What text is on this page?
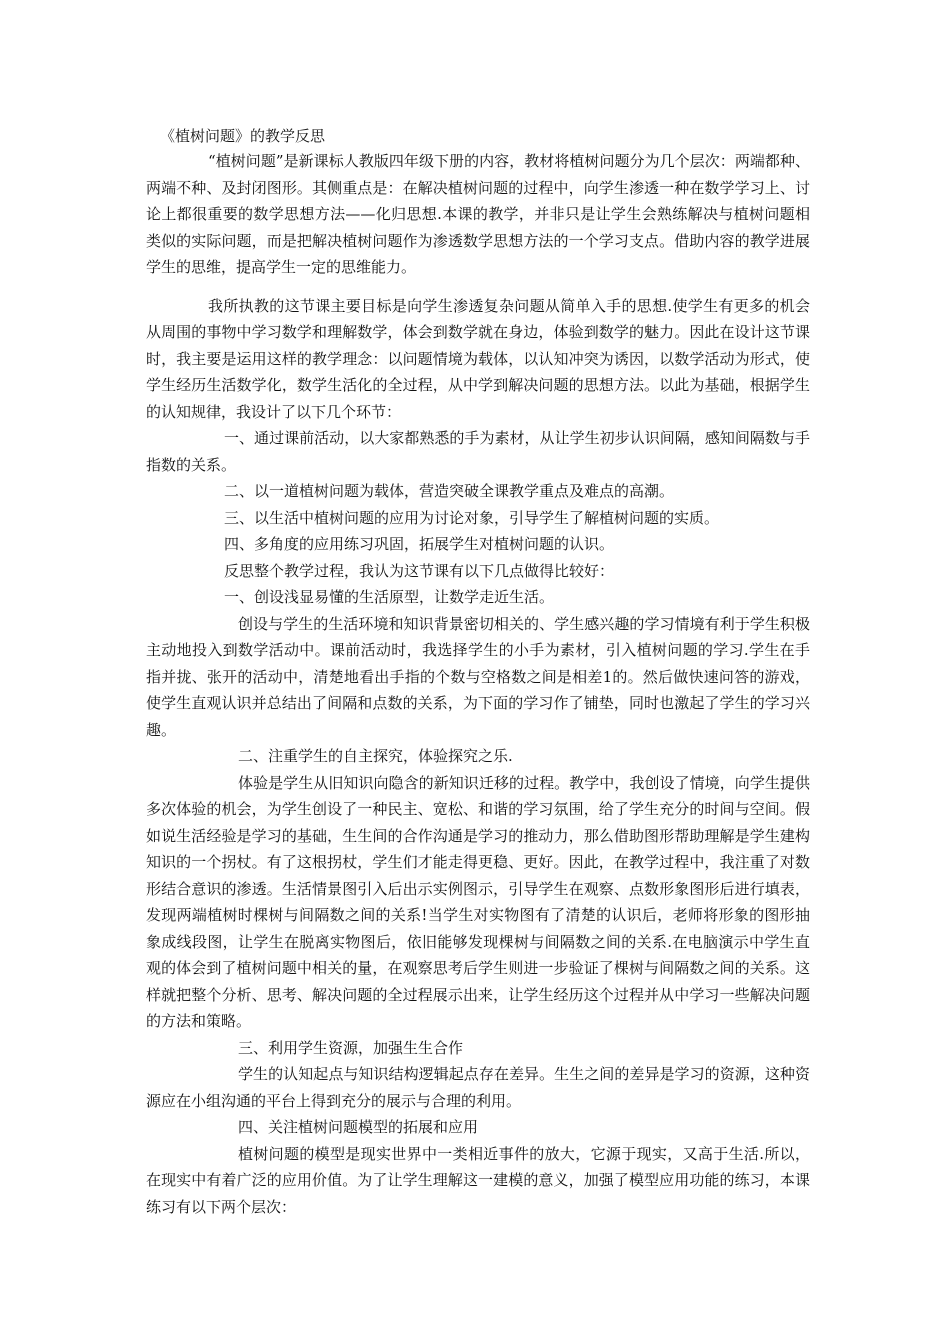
《植树问题》的教学反思

“植树问题”是新课标人教版四年级下册的内容，教材将植树问题分为几个层次：两端都种、两端不种、及封闭图形。其侧重点是：在解决植树问题的过程中，向学生渗透一种在数学学习上、讨论上都很重要的数学思想方法——化归思想.本课的教学，并非只是让学生会熟练解决与植树问题相类似的实际问题，而是把解决植树问题作为渗透数学思想方法的一个学习支点。借助内容的教学进展学生的思维，提高学生一定的思维能力。

我所执教的这节课主要目标是向学生渗透复杂问题从简单入手的思想.使学生有更多的机会从周围的事物中学习数学和理解数学，体会到数学就在身边，体验到数学的魅力。因此在设计这节课时，我主要是运用这样的教学理念：以问题情境为载体，以认知冲突为诱因，以数学活动为形式，使学生经历生活数学化，数学生活化的全过程，从中学到解决问题的思想方法。以此为基础，根据学生的认知规律，我设计了以下几个环节：

一、通过课前活动，以大家都熟悉的手为素材，从让学生初步认识间隔，感知间隔数与手指数的关系。

二、以一道植树问题为载体，营造突破全课教学重点及难点的高潮。

三、以生活中植树问题的应用为讨论对象，引导学生了解植树问题的实质。

四、多角度的应用练习巩固，拓展学生对植树问题的认识。

反思整个教学过程，我认为这节课有以下几点做得比较好：

一、创设浅显易懂的生活原型，让数学走近生活。

创设与学生的生活环境和知识背景密切相关的、学生感兴趣的学习情境有利于学生积极主动地投入到数学活动中。课前活动时，我选择学生的小手为素材，引入植树问题的学习.学生在手指并拢、张开的活动中，清楚地看出手指的个数与空格数之间是相差1的。然后做快速问答的游戏，使学生直观认识并总结出了间隔和点数的关系，为下面的学习作了铺垫，同时也激起了学生的学习兴趣。

二、注重学生的自主探究，体验探究之乐.

体验是学生从旧知识向隐含的新知识迁移的过程。教学中，我创设了情境，向学生提供多次体验的机会，为学生创设了一种民主、宽松、和谐的学习氛围，给了学生充分的时间与空间。假如说生活经验是学习的基础，生生间的合作沟通是学习的推动力，那么借助图形帮助理解是学生建构知识的一个拐杖。有了这根拐杖，学生们才能走得更稳、更好。因此，在教学过程中，我注重了对数形结合意识的渗透。生活情景图引入后出示实例图示，引导学生在观察、点数形象图形后进行填表，发现两端植树时棵树与间隔数之间的关系!当学生对实物图有了清楚的认识后，老师将形象的图形抽象成线段图，让学生在脱离实物图后，依旧能够发现棵树与间隔数之间的关系.在电脑演示中学生直观的体会到了植树问题中相关的量，在观察思考后学生则进一步验证了棵树与间隔数之间的关系。这样就把整个分析、思考、解决问题的全过程展示出来，让学生经历这个过程并从中学习一些解决问题的方法和策略。

三、利用学生资源，加强生生合作

学生的认知起点与知识结构逻辑起点存在差异。生生之间的差异是学习的资源，这种资源应在小组沟通的平台上得到充分的展示与合理的利用。

四、关注植树问题模型的拓展和应用

植树问题的模型是现实世界中一类相近事件的放大，它源于现实，又高于生活.所以，在现实中有着广泛的应用价值。为了让学生理解这一建模的意义，加强了模型应用功能的练习，本课练习有以下两个层次：
